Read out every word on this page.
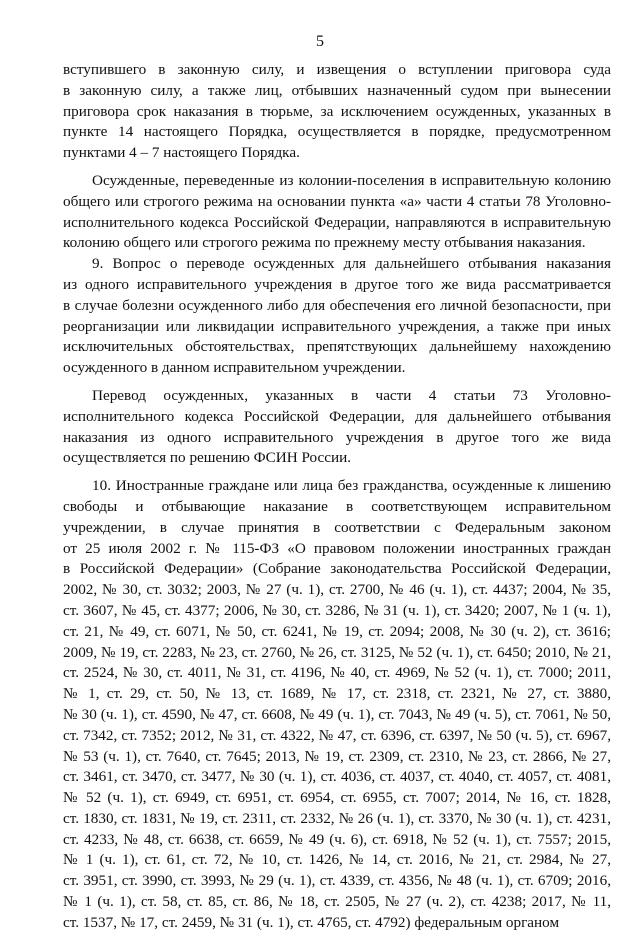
5
вступившего в законную силу, и извещения о вступлении приговора суда
в законную силу, а также лиц, отбывших назначенный судом при вынесении
приговора срок наказания в тюрьме, за исключением осужденных, указанных в
пункте 14 настоящего Порядка, осуществляется в порядке, предусмотренном
пунктами 4 – 7 настоящего Порядка.
Осужденные, переведенные из колонии-поселения в исправительную колонию
общего или строгого режима на основании пункта «а» части 4 статьи 78 Уголовно-
исполнительного кодекса Российской Федерации, направляются в исправительную
колонию общего или строгого режима по прежнему месту отбывания наказания.
9. Вопрос о переводе осужденных для дальнейшего отбывания наказания
из одного исправительного учреждения в другое того же вида рассматривается
в случае болезни осужденного либо для обеспечения его личной безопасности, при
реорганизации или ликвидации исправительного учреждения, а также при иных
исключительных обстоятельствах, препятствующих дальнейшему нахождению
осужденного в данном исправительном учреждении.
Перевод осужденных, указанных в части 4 статьи 73 Уголовно-
исполнительного кодекса Российской Федерации, для дальнейшего отбывания
наказания из одного исправительного учреждения в другое того же вида
осуществляется по решению ФСИН России.
10. Иностранные граждане или лица без гражданства, осужденные к лишению
свободы и отбывающие наказание в соответствующем исправительном
учреждении, в случае принятия в соответствии с Федеральным законом
от 25 июля 2002 г. № 115-ФЗ «О правовом положении иностранных граждан
в Российской Федерации» (Собрание законодательства Российской Федерации,
2002, № 30, ст. 3032; 2003, № 27 (ч. 1), ст. 2700, № 46 (ч. 1), ст. 4437; 2004, № 35,
ст. 3607, № 45, ст. 4377; 2006, № 30, ст. 3286, № 31 (ч. 1), ст. 3420; 2007, № 1 (ч. 1),
ст. 21, № 49, ст. 6071, № 50, ст. 6241, № 19, ст. 2094; 2008, № 30 (ч. 2), ст. 3616;
2009, № 19, ст. 2283, № 23, ст. 2760, № 26, ст. 3125, № 52 (ч. 1), ст. 6450; 2010, № 21,
ст. 2524, № 30, ст. 4011, № 31, ст. 4196, № 40, ст. 4969, № 52 (ч. 1), ст. 7000; 2011,
№ 1, ст. 29, ст. 50, № 13, ст. 1689, № 17, ст. 2318, ст. 2321, № 27, ст. 3880,
№ 30 (ч. 1), ст. 4590, № 47, ст. 6608, № 49 (ч. 1), ст. 7043, № 49 (ч. 5), ст. 7061, № 50,
ст. 7342, ст. 7352; 2012, № 31, ст. 4322, № 47, ст. 6396, ст. 6397, № 50 (ч. 5), ст. 6967,
№ 53 (ч. 1), ст. 7640, ст. 7645; 2013, № 19, ст. 2309, ст. 2310, № 23, ст. 2866, № 27,
ст. 3461, ст. 3470, ст. 3477, № 30 (ч. 1), ст. 4036, ст. 4037, ст. 4040, ст. 4057, ст. 4081,
№ 52 (ч. 1), ст. 6949, ст. 6951, ст. 6954, ст. 6955, ст. 7007; 2014, № 16, ст. 1828,
ст. 1830, ст. 1831, № 19, ст. 2311, ст. 2332, № 26 (ч. 1), ст. 3370, № 30 (ч. 1), ст. 4231,
ст. 4233, № 48, ст. 6638, ст. 6659, № 49 (ч. 6), ст. 6918, № 52 (ч. 1), ст. 7557; 2015,
№ 1 (ч. 1), ст. 61, ст. 72, № 10, ст. 1426, № 14, ст. 2016, № 21, ст. 2984, № 27,
ст. 3951, ст. 3990, ст. 3993, № 29 (ч. 1), ст. 4339, ст. 4356, № 48 (ч. 1), ст. 6709; 2016,
№ 1 (ч. 1), ст. 58, ст. 85, ст. 86, № 18, ст. 2505, № 27 (ч. 2), ст. 4238; 2017, № 11,
ст. 1537, № 17, ст. 2459, № 31 (ч. 1), ст. 4765, ст. 4792) федеральным органом
